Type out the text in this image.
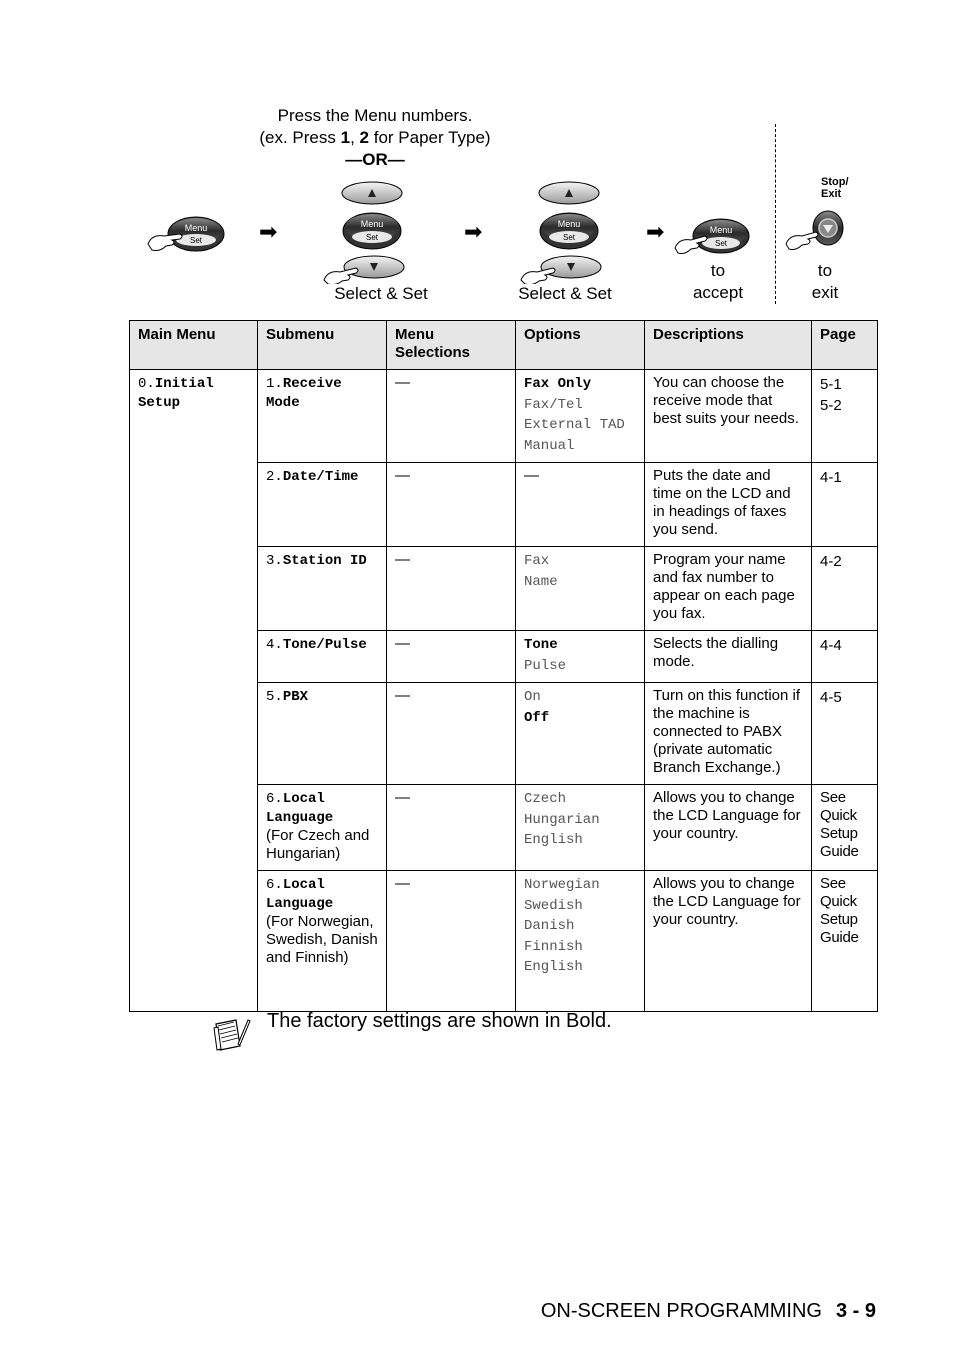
Press the Menu numbers.
(ex. Press 1, 2 for Paper Type)
—OR—
Menu
Set	➡	Menu
Set
Select & Set
➡	Menu
Set
Select & Set
➡	Menu
Set
to
accept
Stop/
Exit
to
exit
Main Menu	Submenu	Menu Selections	Options	Descriptions	Page
0.Initial Setup	1.Receive Mode	—	Fax Only
Fax/Tel
External TAD
Manual	You can choose the receive mode that best suits your needs.	5-1
5-2

	2.Date/Time	—	—	Puts the date and time on the LCD and in headings of faxes you send.	4-1

	3.Station ID	—	Fax
Name	Program your name and fax number to appear on each page you fax.	4-2

	4.Tone/Pulse	—	Tone
Pulse	Selects the dialling mode.	4-4

	5.PBX	—	On
Off	Turn on this function if the machine is connected to PABX (private automatic Branch Exchange.)	4-5

	6.Local Language
(For Czech and Hungarian)	—	Czech
Hungarian
English	Allows you to change the LCD Language for your country.	See
Quick
Setup
Guide

	6.Local Language
(For Norwegian, Swedish, Danish and Finnish)	—	Norwegian
Swedish
Danish
Finnish
English	Allows you to change the LCD Language for your country.	See
Quick
Setup
Guide
The factory settings are shown in Bold.
ON-SCREEN PROGRAMMING 3 - 9
